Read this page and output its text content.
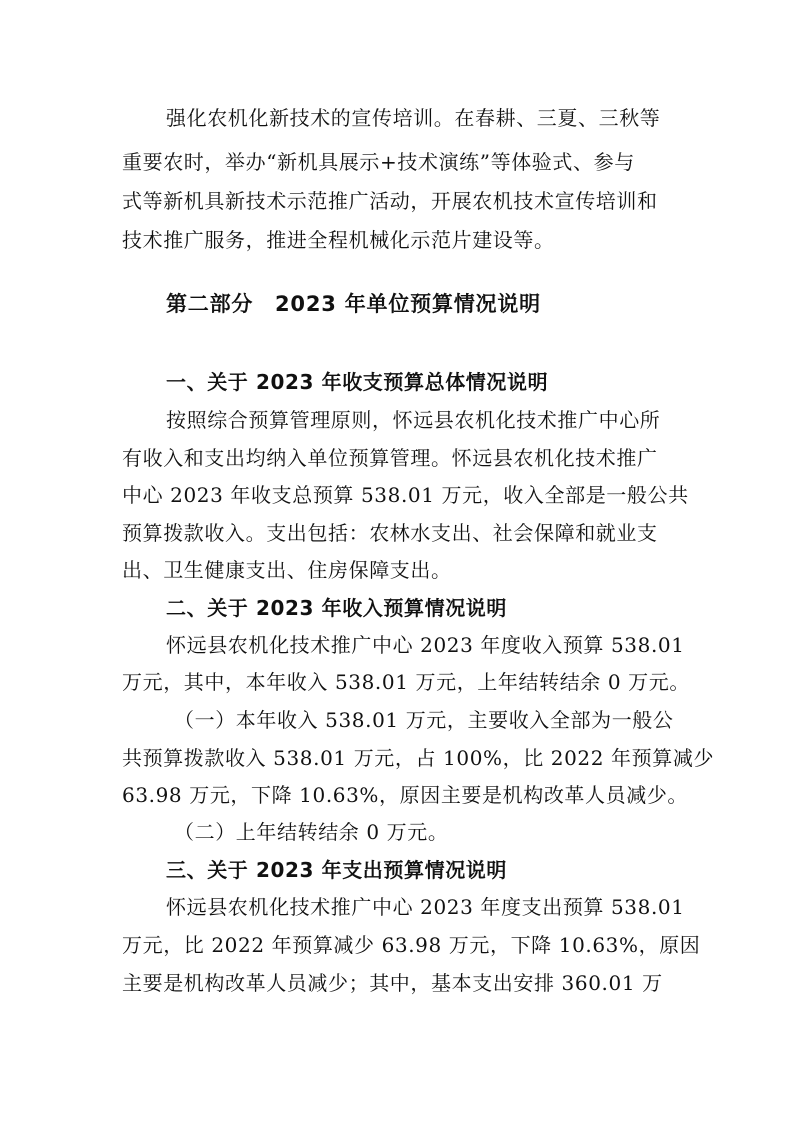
强化农机化新技术的宣传培训。在春耕、三夏、三秋等
重要农时，举办“新机具展示+技术演练”等体验式、参与
式等新机具新技术示范推广活动，开展农机技术宣传培训和
技术推广服务，推进全程机械化示范片建设等。
第二部分　2023 年单位预算情况说明
一、关于 2023 年收支预算总体情况说明
按照综合预算管理原则，怀远县农机化技术推广中心所
有收入和支出均纳入单位预算管理。怀远县农机化技术推广
中心 2023 年收支总预算 538.01 万元，收入全部是一般公共
预算拨款收入。支出包括：农林水支出、社会保障和就业支
出、卫生健康支出、住房保障支出。
二、关于 2023 年收入预算情况说明
怀远县农机化技术推广中心 2023 年度收入预算 538.01
万元，其中，本年收入 538.01 万元，上年结转结余 0 万元。
（一）本年收入 538.01 万元，主要收入全部为一般公
共预算拨款收入 538.01 万元，占 100%，比 2022 年预算减少
63.98 万元，下降 10.63%，原因主要是机构改革人员减少。
（二）上年结转结余 0 万元。
三、关于 2023 年支出预算情况说明
怀远县农机化技术推广中心 2023 年度支出预算 538.01
万元，比 2022 年预算减少 63.98 万元，下降 10.63%，原因
主要是机构改革人员减少；其中，基本支出安排 360.01 万
